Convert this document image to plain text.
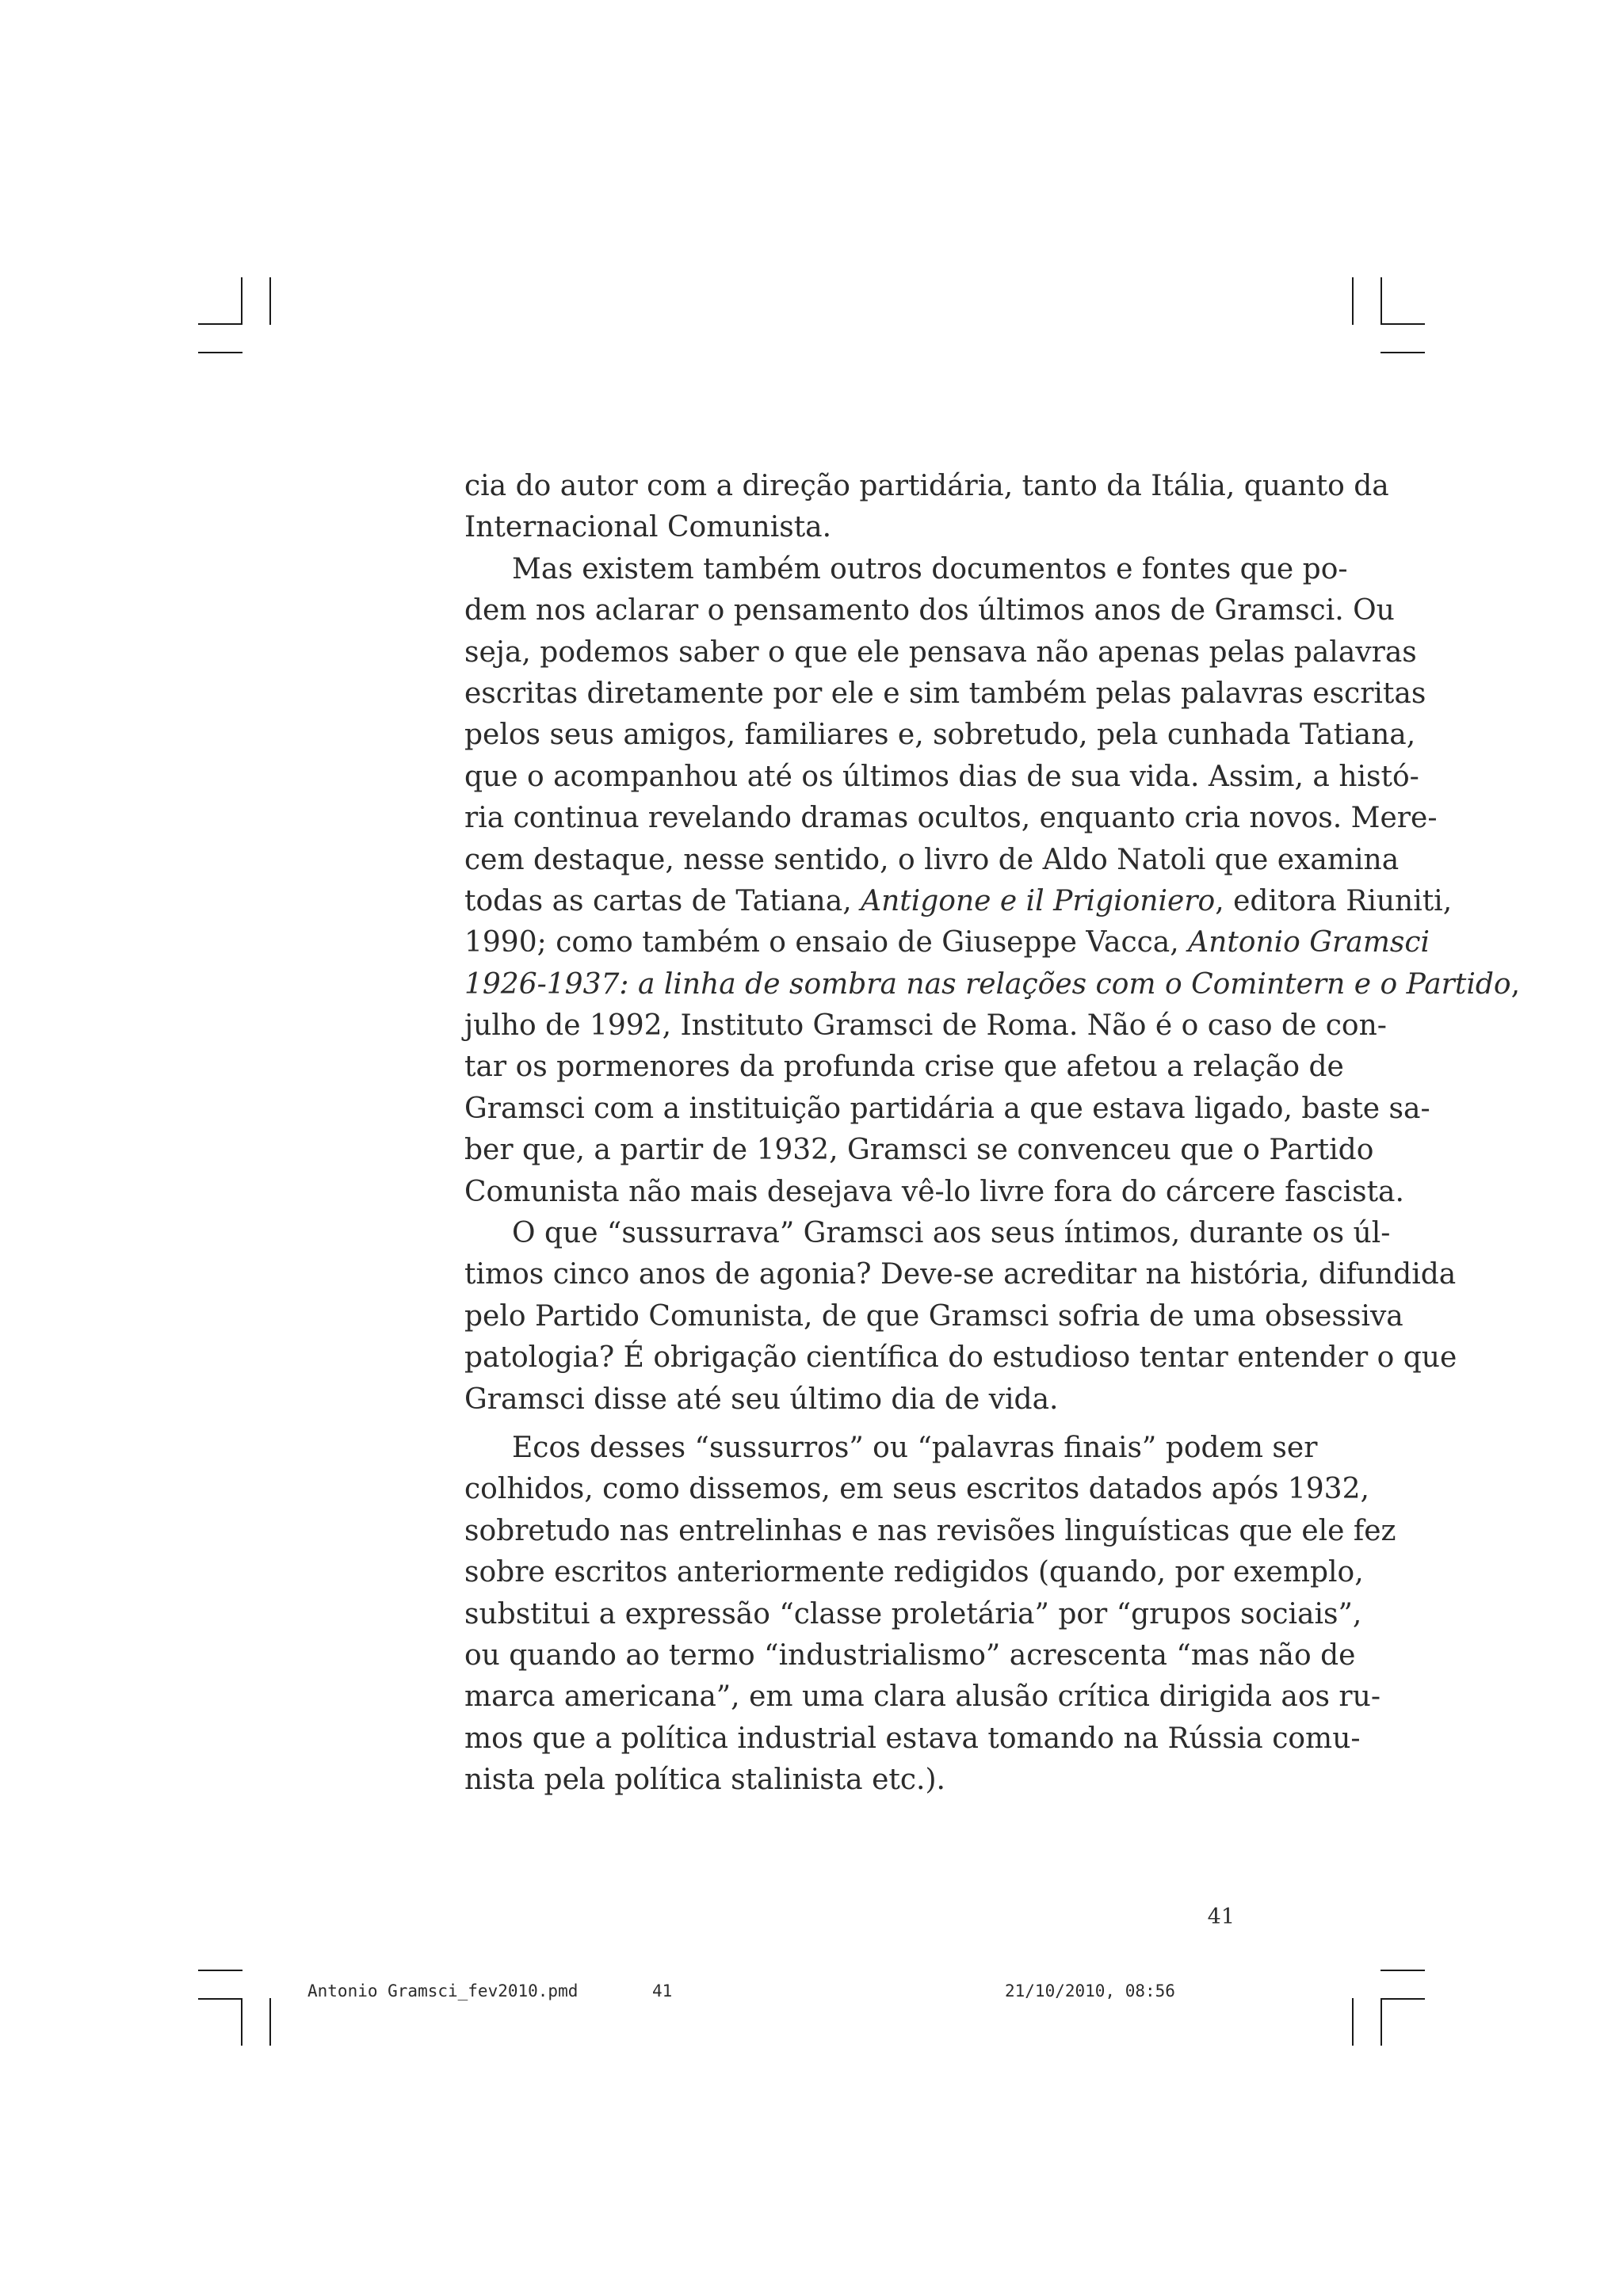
cia do autor com a direção partidária, tanto da Itália, quanto da
Internacional Comunista.
Mas existem também outros documentos e fontes que po-
dem nos aclarar o pensamento dos últimos anos de Gramsci. Ou
seja, podemos saber o que ele pensava não apenas pelas palavras
escritas diretamente por ele e sim também pelas palavras escritas
pelos seus amigos, familiares e, sobretudo, pela cunhada Tatiana,
que o acompanhou até os últimos dias de sua vida. Assim, a histó-
ria continua revelando dramas ocultos, enquanto cria novos. Mere-
cem destaque, nesse sentido, o livro de Aldo Natoli que examina
todas as cartas de Tatiana, Antigone e il Prigioniero, editora Riuniti,
1990; como também o ensaio de Giuseppe Vacca, Antonio Gramsci
1926-1937: a linha de sombra nas relações com o Comintern e o Partido,
julho de 1992, Instituto Gramsci de Roma. Não é o caso de con-
tar os pormenores da profunda crise que afetou a relação de
Gramsci com a instituição partidária a que estava ligado, baste sa-
ber que, a partir de 1932, Gramsci se convenceu que o Partido
Comunista não mais desejava vê-lo livre fora do cárcere fascista.
O que “sussurrava” Gramsci aos seus íntimos, durante os úl-
timos cinco anos de agonia? Deve-se acreditar na história, difundida
pelo Partido Comunista, de que Gramsci sofria de uma obsessiva
patologia? É obrigação científica do estudioso tentar entender o que
Gramsci disse até seu último dia de vida.
Ecos desses “sussurros” ou “palavras finais” podem ser
colhidos, como dissemos, em seus escritos datados após 1932,
sobretudo nas entrelinhas e nas revisões linguísticas que ele fez
sobre escritos anteriormente redigidos (quando, por exemplo,
substitui a expressão “classe proletária” por “grupos sociais”,
ou quando ao termo “industrialismo” acrescenta “mas não de
marca americana”, em uma clara alusão crítica dirigida aos ru-
mos que a política industrial estava tomando na Rússia comu-
nista pela política stalinista etc.).
41
Antonio Gramsci_fev2010.pmd	41	21/10/2010, 08:56
